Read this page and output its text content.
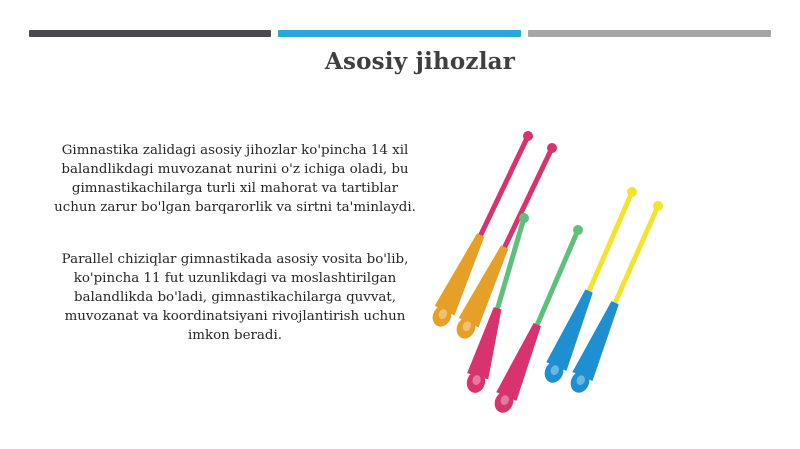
Asosiy jihozlar
Gimnastika zalidagi asosiy jihozlar ko'pincha 14 xil balandlikdagi muvozanat nurini o'z ichiga oladi, bu gimnastikachilarga turli xil mahorat va tartiblar uchun zarur bo'lgan barqarorlik va sirtni ta'minlaydi.
Parallel chiziqlar gimnastikada asosiy vosita bo'lib, ko'pincha 11 fut uzunlikdagi va moslashtirilgan balandlikda bo'ladi, gimnastikachilarga quvvat, muvozanat va koordinatsiyani rivojlantirish uchun imkon beradi.
